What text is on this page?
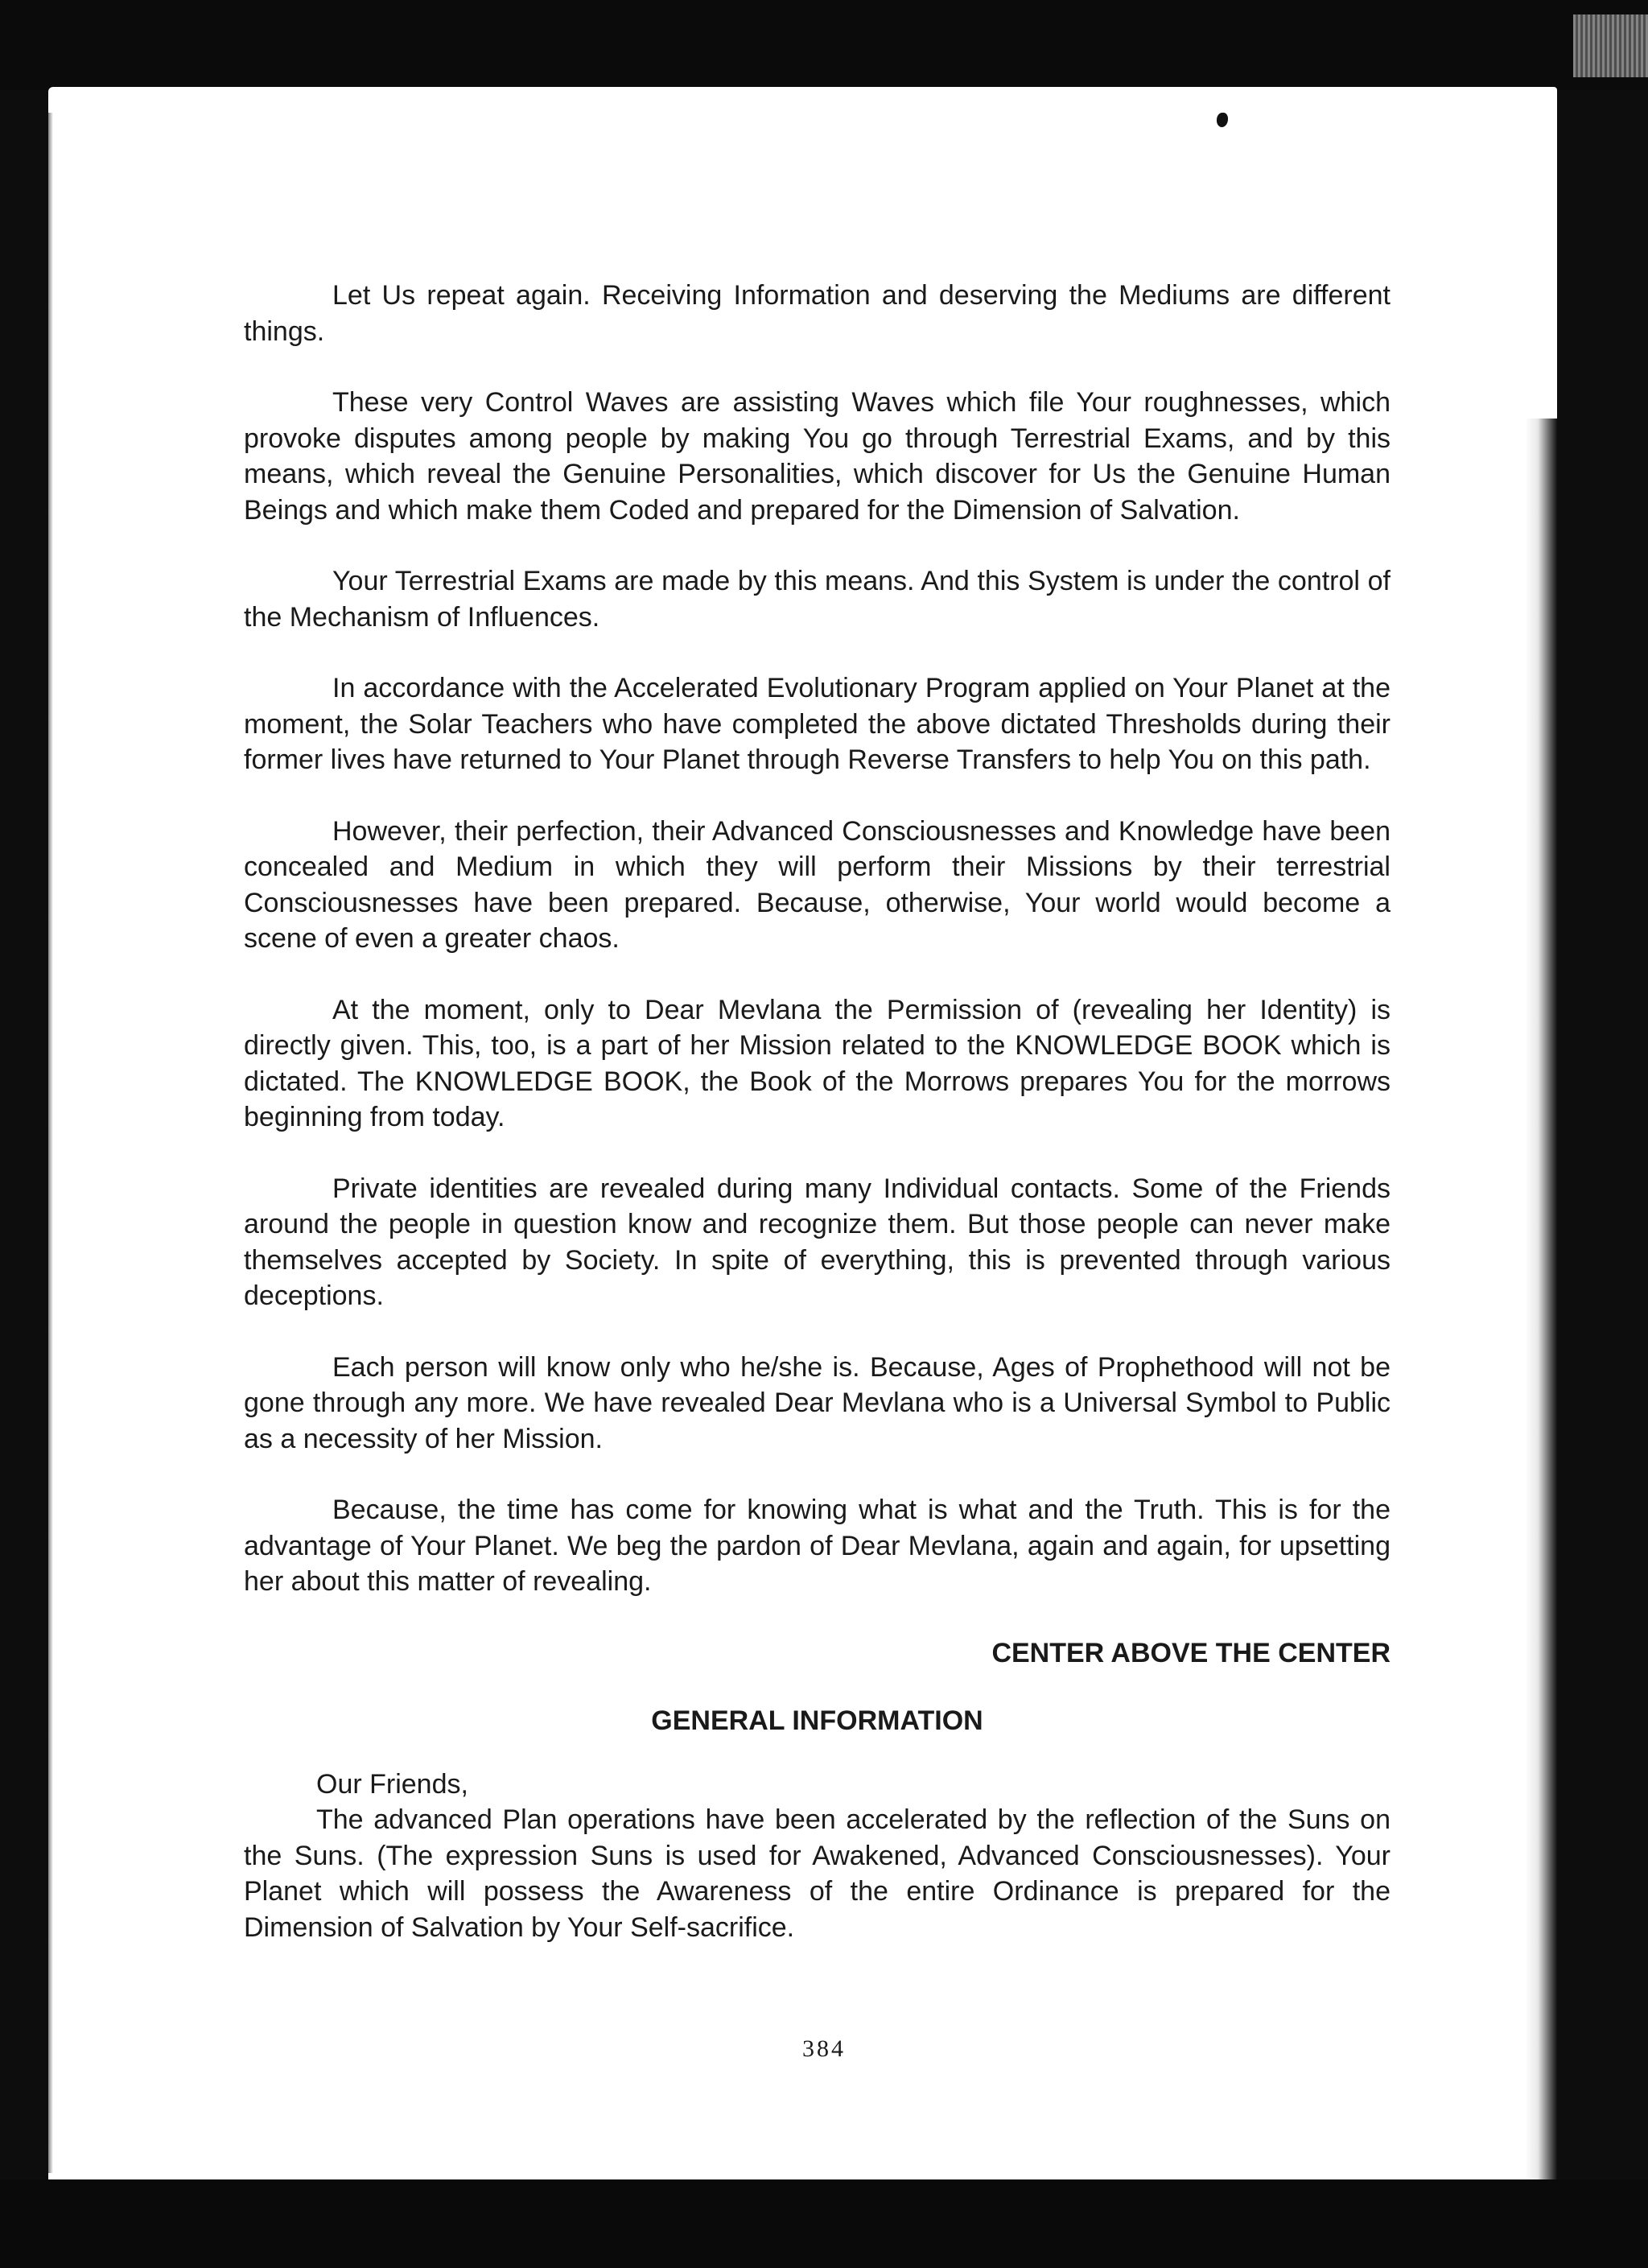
Let Us repeat again. Receiving Information and deserving the Mediums are different things.

These very Control Waves are assisting Waves which file Your roughnesses, which provoke disputes among people by making You go through Terrestrial Exams, and by this means, which reveal the Genuine Personalities, which discover for Us the Genuine Human Beings and which make them Coded and prepared for the Dimension of Salvation.

Your Terrestrial Exams are made by this means. And this System is under the control of the Mechanism of Influences.

In accordance with the Accelerated Evolutionary Program applied on Your Planet at the moment, the Solar Teachers who have completed the above dictated Thresholds during their former lives have returned to Your Planet through Reverse Transfers to help You on this path.

However, their perfection, their Advanced Consciousnesses and Knowledge have been concealed and Medium in which they will perform their Missions by their terrestrial Consciousnesses have been prepared. Because, otherwise, Your world would become a scene of even a greater chaos.

At the moment, only to Dear Mevlana the Permission of (revealing her Identity) is directly given. This, too, is a part of her Mission related to the KNOWLEDGE BOOK which is dictated. The KNOWLEDGE BOOK, the Book of the Morrows prepares You for the morrows beginning from today.

Private identities are revealed during many Individual contacts. Some of the Friends around the people in question know and recognize them. But those people can never make themselves accepted by Society. In spite of everything, this is prevented through various deceptions.

Each person will know only who he/she is. Because, Ages of Prophethood will not be gone through any more. We have revealed Dear Mevlana who is a Universal Symbol to Public as a necessity of her Mission.

Because, the time has come for knowing what is what and the Truth. This is for the advantage of Your Planet. We beg the pardon of Dear Mevlana, again and again, for upsetting her about this matter of revealing.

CENTER ABOVE THE CENTER
GENERAL INFORMATION

Our Friends,

The advanced Plan operations have been accelerated by the reflection of the Suns on the Suns. (The expression Suns is used for Awakened, Advanced Consciousnesses). Your Planet which will possess the Awareness of the entire Ordinance is prepared for the Dimension of Salvation by Your Self-sacrifice.

384
